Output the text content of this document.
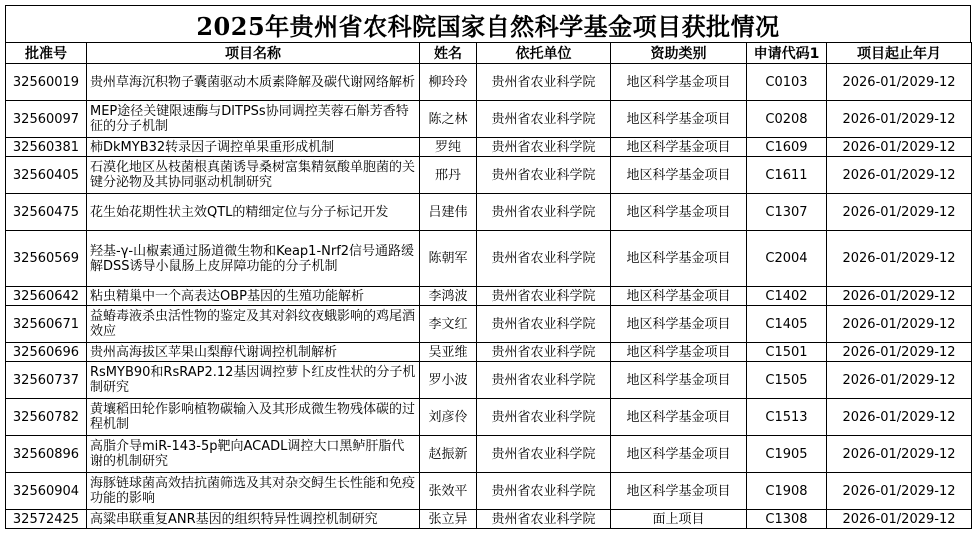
2025年贵州省农科院国家自然科学基金项目获批情况
批准号	项目名称	姓名	依托单位	资助类别	申请代码1	项目起止年月
32560019	贵州草海沉积物子囊菌驱动木质素降解及碳代谢网络解析	柳玲玲	贵州省农业科学院	地区科学基金项目	C0103	2026-01/2029-12
32560097	MEP途径关键限速酶与DlTPSs协同调控芙蓉石斛芳香特征的分子机制	陈之林	贵州省农业科学院	地区科学基金项目	C0208	2026-01/2029-12
32560381	柿DkMYB32转录因子调控单果重形成机制	罗纯	贵州省农业科学院	地区科学基金项目	C1609	2026-01/2029-12
32560405	石漠化地区丛枝菌根真菌诱导桑树富集精氨酸单胞菌的关键分泌物及其协同驱动机制研究	邢丹	贵州省农业科学院	地区科学基金项目	C1611	2026-01/2029-12
32560475	花生始花期性状主效QTL的精细定位与分子标记开发	吕建伟	贵州省农业科学院	地区科学基金项目	C1307	2026-01/2029-12
32560569	羟基-γ-山椒素通过肠道微生物和Keap1-Nrf2信号通路缓解DSS诱导小鼠肠上皮屏障功能的分子机制	陈朝军	贵州省农业科学院	地区科学基金项目	C2004	2026-01/2029-12
32560642	粘虫精巢中一个高表达OBP基因的生殖功能解析	李鸿波	贵州省农业科学院	地区科学基金项目	C1402	2026-01/2029-12
32560671	益蝽毒液杀虫活性物的鉴定及其对斜纹夜蛾影响的鸡尾酒效应	李文红	贵州省农业科学院	地区科学基金项目	C1405	2026-01/2029-12
32560696	贵州高海拔区苹果山梨醇代谢调控机制解析	吴亚维	贵州省农业科学院	地区科学基金项目	C1501	2026-01/2029-12
32560737	RsMYB90和RsRAP2.12基因调控萝卜红皮性状的分子机制研究	罗小波	贵州省农业科学院	地区科学基金项目	C1505	2026-01/2029-12
32560782	黄壤稻田轮作影响植物碳输入及其形成微生物残体碳的过程机制	刘彦伶	贵州省农业科学院	地区科学基金项目	C1513	2026-01/2029-12
32560896	高脂介导miR-143-5p靶向ACADL调控大口黑鲈肝脂代谢的机制研究	赵振新	贵州省农业科学院	地区科学基金项目	C1905	2026-01/2029-12
32560904	海豚链球菌高效拮抗菌筛选及其对杂交鲟生长性能和免疫功能的影响	张效平	贵州省农业科学院	地区科学基金项目	C1908	2026-01/2029-12
32572425	高粱串联重复ANR基因的组织特异性调控机制研究	张立异	贵州省农业科学院	面上项目	C1308	2026-01/2029-12
